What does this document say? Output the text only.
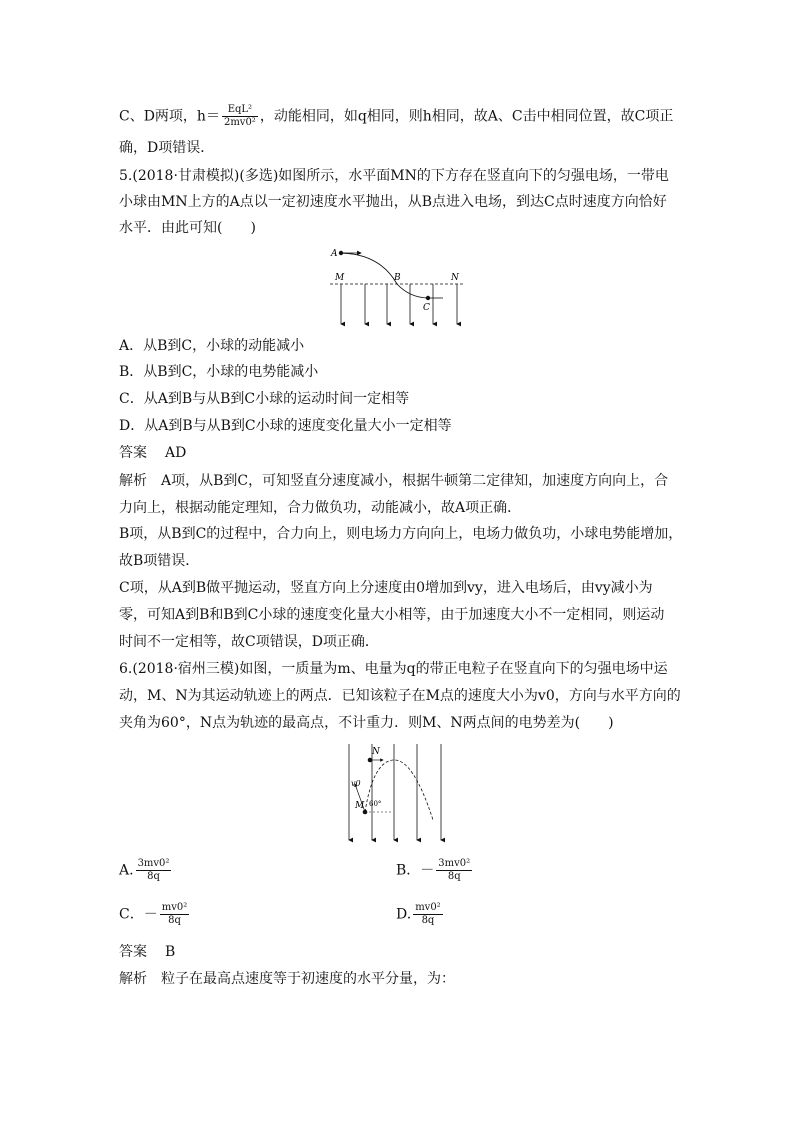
C、D两项，$h= \frac{\text{EqL²}}{\text{2mv0²}}$ ，动能相同，如q相同，则h相同，故A、C击中相同位置，故C项正
确，D项错误．
5.(2018·甘肃模拟)(多选)如图所示，水平面MN的下方存在竖直向下的匀强电场，一带电
小球由MN上方的A点以一定初速度水平抛出，从B点进入电场，到达C点时速度方向恰好
水平．由此可知(　　)
A
M	B	N
C
A．从B到C，小球的动能减小
B．从B到C，小球的电势能减小
C．从A到B与从B到C小球的运动时间一定相等
D．从A到B与从B到C小球的速度变化量大小一定相等
答案 AD
解析 A项，从B到C，可知竖直分速度减小，根据牛顿第二定律知，加速度方向向上，合
力向上，根据动能定理知，合力做负功，动能减小，故A项正确．
B项，从B到C的过程中，合力向上，则电场力方向向上，电场力做负功，小球电势能增加，
故B项错误．
C项，从A到B做平抛运动，竖直方向上分速度由0增加到vy，进入电场后，由vy减小为
零，可知A到B和B到C小球的速度变化量大小相等，由于加速度大小不一定相同，则运动
时间不一定相等，故C项错误，D项正确．
6.(2018·宿州三模)如图，一质量为m、电量为q的带正电粒子在竖直向下的匀强电场中运
动，M、N为其运动轨迹上的两点．已知该粒子在M点的速度大小为v0，方向与水平方向的
夹角为60°，N点为轨迹的最高点，不计重力．则M、N两点间的电势差为(　　)
N
v0
M 60°
A. $\frac{\text{3mv0²}}{8q}$	B．－ $\frac{\text{3mv0²}}{8q}$
C．－ $\frac{\text{mv0²}}{8q}$	D. $\frac{\text{mv0²}}{8q}$
答案 B
解析 粒子在最高点速度等于初速度的水平分量，为：
